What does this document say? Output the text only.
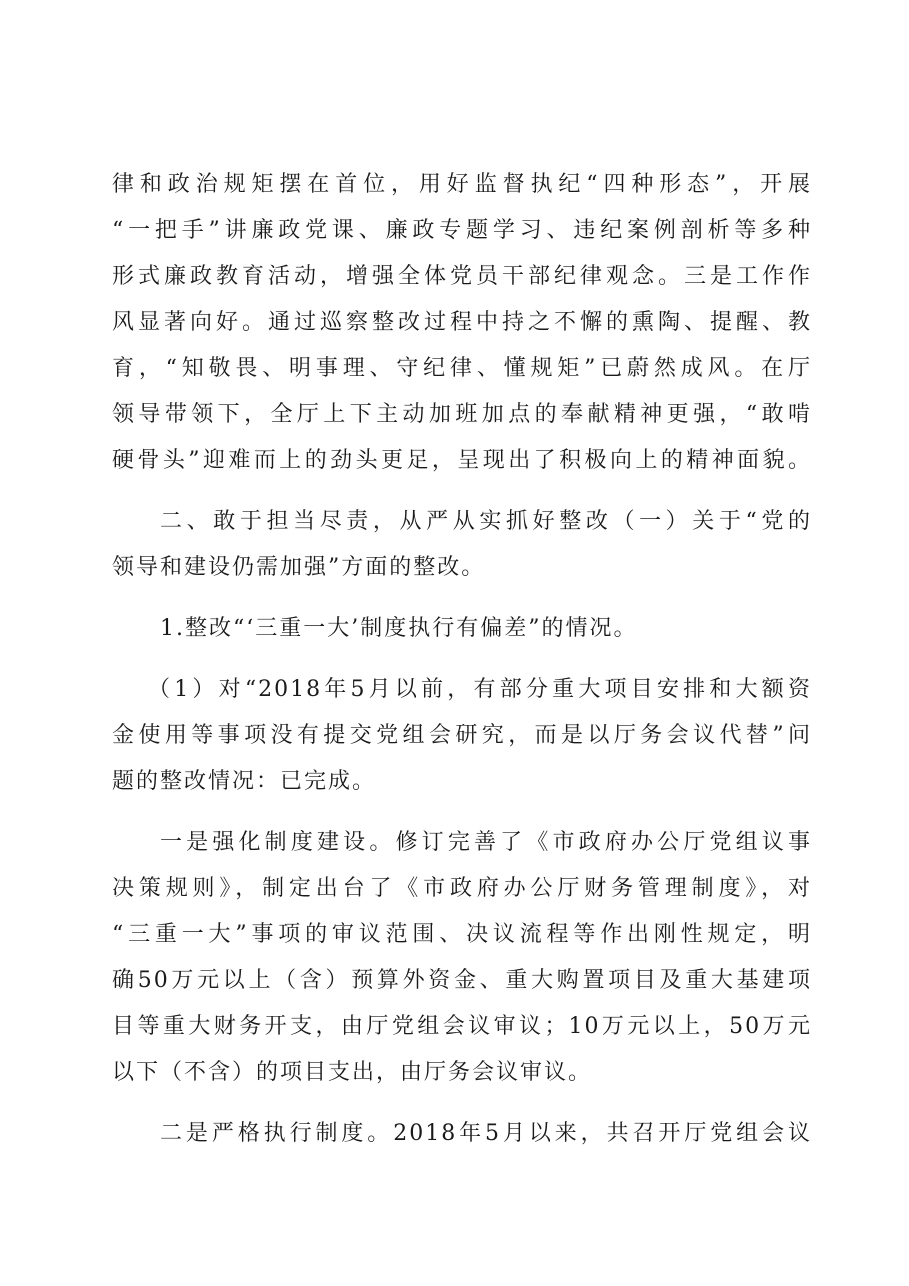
律和政治规矩摆在首位，用好监督执纪“四种形态”，开展
“一把手”讲廉政党课、廉政专题学习、违纪案例剖析等多种
形式廉政教育活动，增强全体党员干部纪律观念。三是工作作
风显著向好。通过巡察整改过程中持之不懈的熏陶、提醒、教
育，“知敬畏、明事理、守纪律、懂规矩”已蔚然成风。在厅
领导带领下，全厅上下主动加班加点的奉献精神更强，“敢啃
硬骨头”迎难而上的劲头更足，呈现出了积极向上的精神面貌。
二、敢于担当尽责，从严从实抓好整改（一）关于“党的
领导和建设仍需加强”方面的整改。
1.整改“‘三重一大’制度执行有偏差”的情况。
（1）对“2018年5月以前，有部分重大项目安排和大额资
金使用等事项没有提交党组会研究，而是以厅务会议代替”问
题的整改情况：已完成。
一是强化制度建设。修订完善了《市政府办公厅党组议事
决策规则》，制定出台了《市政府办公厅财务管理制度》，对
“三重一大”事项的审议范围、决议流程等作出刚性规定，明
确50万元以上（含）预算外资金、重大购置项目及重大基建项
目等重大财务开支，由厅党组会议审议；10万元以上，50万元
以下（不含）的项目支出，由厅务会议审议。
二是严格执行制度。2018年5月以来，共召开厅党组会议
